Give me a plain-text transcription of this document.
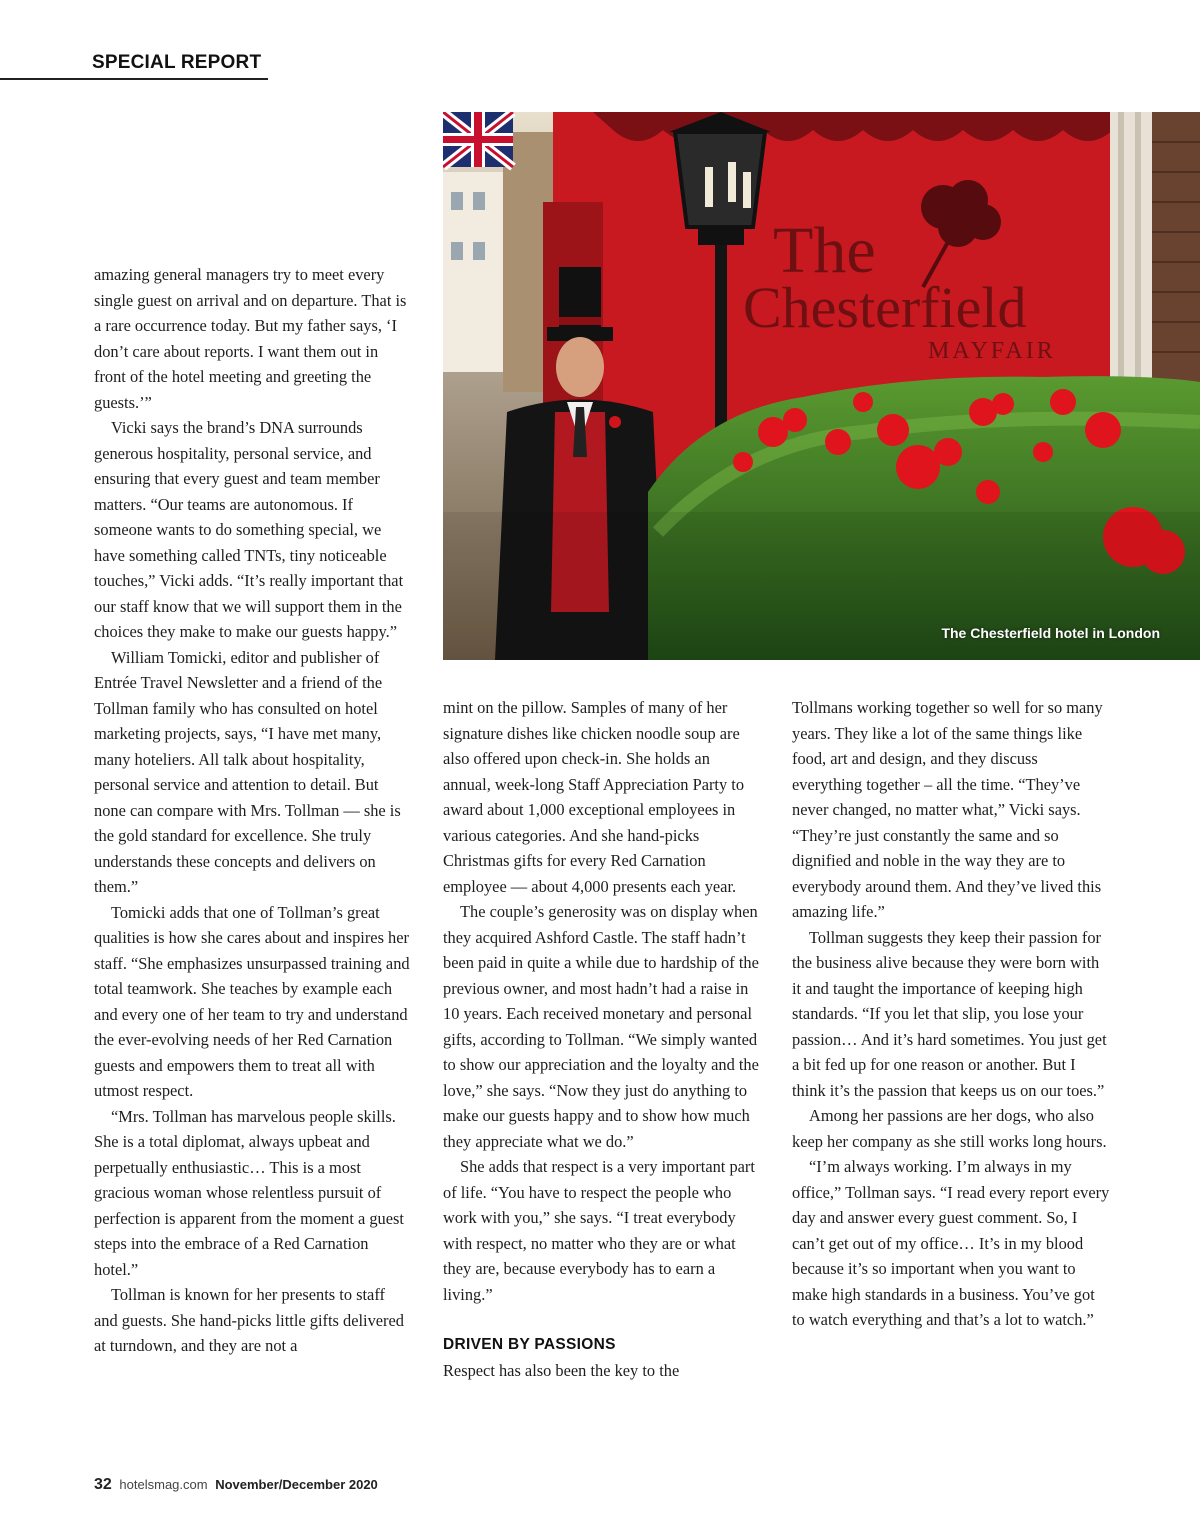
SPECIAL REPORT
The
Chesterfield
MAYFAIR
The Chesterfield hotel in London

amazing general managers try to meet every single guest on arrival and on departure. That is a rare occurrence today. But my father says, ‘I don’t care about reports. I want them out in front of the hotel meeting and greeting the guests.’”

Vicki says the brand’s DNA surrounds generous hospitality, personal service, and ensuring that every guest and team member matters. “Our teams are autonomous. If someone wants to do something special, we have something called TNTs, tiny noticeable touches,” Vicki adds. “It’s really important that our staff know that we will support them in the choices they make to make our guests happy.”

William Tomicki, editor and publisher of Entrée Travel Newsletter and a friend of the Tollman family who has consulted on hotel marketing projects, says, “I have met many, many hoteliers. All talk about hospitality, personal service and attention to detail. But none can compare with Mrs. Tollman — she is the gold standard for excellence. She truly understands these concepts and delivers on them.”

Tomicki adds that one of Tollman’s great qualities is how she cares about and inspires her staff. “She emphasizes unsurpassed training and total teamwork. She teaches by example each and every one of her team to try and understand the ever-evolving needs of her Red Carnation guests and empowers them to treat all with utmost respect.

“Mrs. Tollman has marvelous people skills. She is a total diplomat, always upbeat and perpetually enthusiastic… This is a most gracious woman whose relentless pursuit of perfection is apparent from the moment a guest steps into the embrace of a Red Carnation hotel.”

Tollman is known for her presents to staff and guests. She hand-picks little gifts delivered at turndown, and they are not a

mint on the pillow. Samples of many of her signature dishes like chicken noodle soup are also offered upon check-in. She holds an annual, week-long Staff Appreciation Party to award about 1,000 exceptional employees in various categories. And she hand-picks Christmas gifts for every Red Carnation employee — about 4,000 presents each year.

The couple’s generosity was on display when they acquired Ashford Castle. The staff hadn’t been paid in quite a while due to hardship of the previous owner, and most hadn’t had a raise in 10 years. Each received monetary and personal gifts, according to Tollman. “We simply wanted to show our appreciation and the loyalty and the love,” she says. “Now they just do anything to make our guests happy and to show how much they appreciate what we do.”

She adds that respect is a very important part of life. “You have to respect the people who work with you,” she says. “I treat everybody with respect, no matter who they are or what they are, because everybody has to earn a living.”

DRIVEN BY PASSIONS

Respect has also been the key to the

Tollmans working together so well for so many years. They like a lot of the same things like food, art and design, and they discuss everything together – all the time. “They’ve never changed, no matter what,” Vicki says. “They’re just constantly the same and so dignified and noble in the way they are to everybody around them. And they’ve lived this amazing life.”

Tollman suggests they keep their passion for the business alive because they were born with it and taught the importance of keeping high standards. “If you let that slip, you lose your passion… And it’s hard sometimes. You just get a bit fed up for one reason or another. But I think it’s the passion that keeps us on our toes.”

Among her passions are her dogs, who also keep her company as she still works long hours.

“I’m always working. I’m always in my office,” Tollman says. “I read every report every day and answer every guest comment. So, I can’t get out of my office… It’s in my blood because it’s so important when you want to make high standards in a business. You’ve got to watch everything and that’s a lot to watch.”

32 hotelsmag.com November/December 2020
